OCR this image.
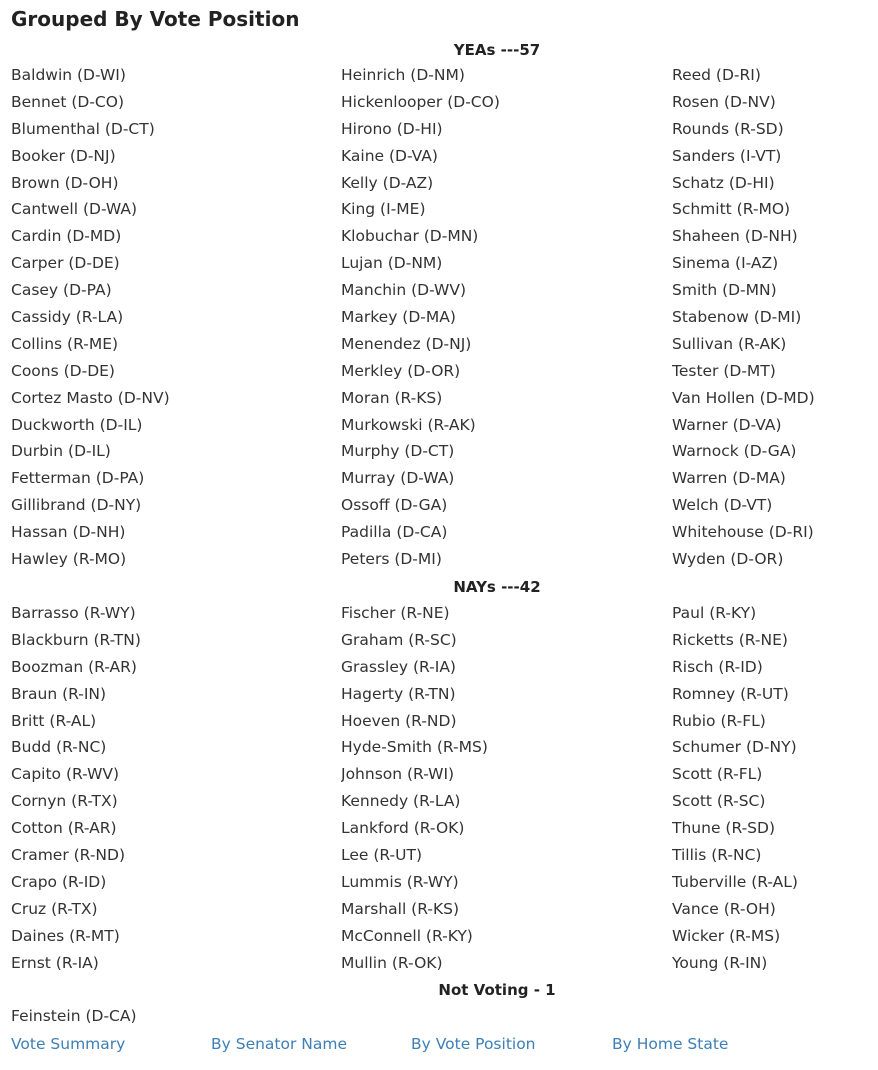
Grouped By Vote Position
YEAs ---57
Baldwin (D-WI)	Heinrich (D-NM)	Reed (D-RI)
Bennet (D-CO)	Hickenlooper (D-CO)	Rosen (D-NV)
Blumenthal (D-CT)	Hirono (D-HI)	Rounds (R-SD)
Booker (D-NJ)	Kaine (D-VA)	Sanders (I-VT)
Brown (D-OH)	Kelly (D-AZ)	Schatz (D-HI)
Cantwell (D-WA)	King (I-ME)	Schmitt (R-MO)
Cardin (D-MD)	Klobuchar (D-MN)	Shaheen (D-NH)
Carper (D-DE)	Lujan (D-NM)	Sinema (I-AZ)
Casey (D-PA)	Manchin (D-WV)	Smith (D-MN)
Cassidy (R-LA)	Markey (D-MA)	Stabenow (D-MI)
Collins (R-ME)	Menendez (D-NJ)	Sullivan (R-AK)
Coons (D-DE)	Merkley (D-OR)	Tester (D-MT)
Cortez Masto (D-NV)	Moran (R-KS)	Van Hollen (D-MD)
Duckworth (D-IL)	Murkowski (R-AK)	Warner (D-VA)
Durbin (D-IL)	Murphy (D-CT)	Warnock (D-GA)
Fetterman (D-PA)	Murray (D-WA)	Warren (D-MA)
Gillibrand (D-NY)	Ossoff (D-GA)	Welch (D-VT)
Hassan (D-NH)	Padilla (D-CA)	Whitehouse (D-RI)
Hawley (R-MO)	Peters (D-MI)	Wyden (D-OR)
NAYs ---42
Barrasso (R-WY)	Fischer (R-NE)	Paul (R-KY)
Blackburn (R-TN)	Graham (R-SC)	Ricketts (R-NE)
Boozman (R-AR)	Grassley (R-IA)	Risch (R-ID)
Braun (R-IN)	Hagerty (R-TN)	Romney (R-UT)
Britt (R-AL)	Hoeven (R-ND)	Rubio (R-FL)
Budd (R-NC)	Hyde-Smith (R-MS)	Schumer (D-NY)
Capito (R-WV)	Johnson (R-WI)	Scott (R-FL)
Cornyn (R-TX)	Kennedy (R-LA)	Scott (R-SC)
Cotton (R-AR)	Lankford (R-OK)	Thune (R-SD)
Cramer (R-ND)	Lee (R-UT)	Tillis (R-NC)
Crapo (R-ID)	Lummis (R-WY)	Tuberville (R-AL)
Cruz (R-TX)	Marshall (R-KS)	Vance (R-OH)
Daines (R-MT)	McConnell (R-KY)	Wicker (R-MS)
Ernst (R-IA)	Mullin (R-OK)	Young (R-IN)
Not Voting - 1
Feinstein (D-CA)
Vote Summary	By Senator Name	By Vote Position	By Home State
